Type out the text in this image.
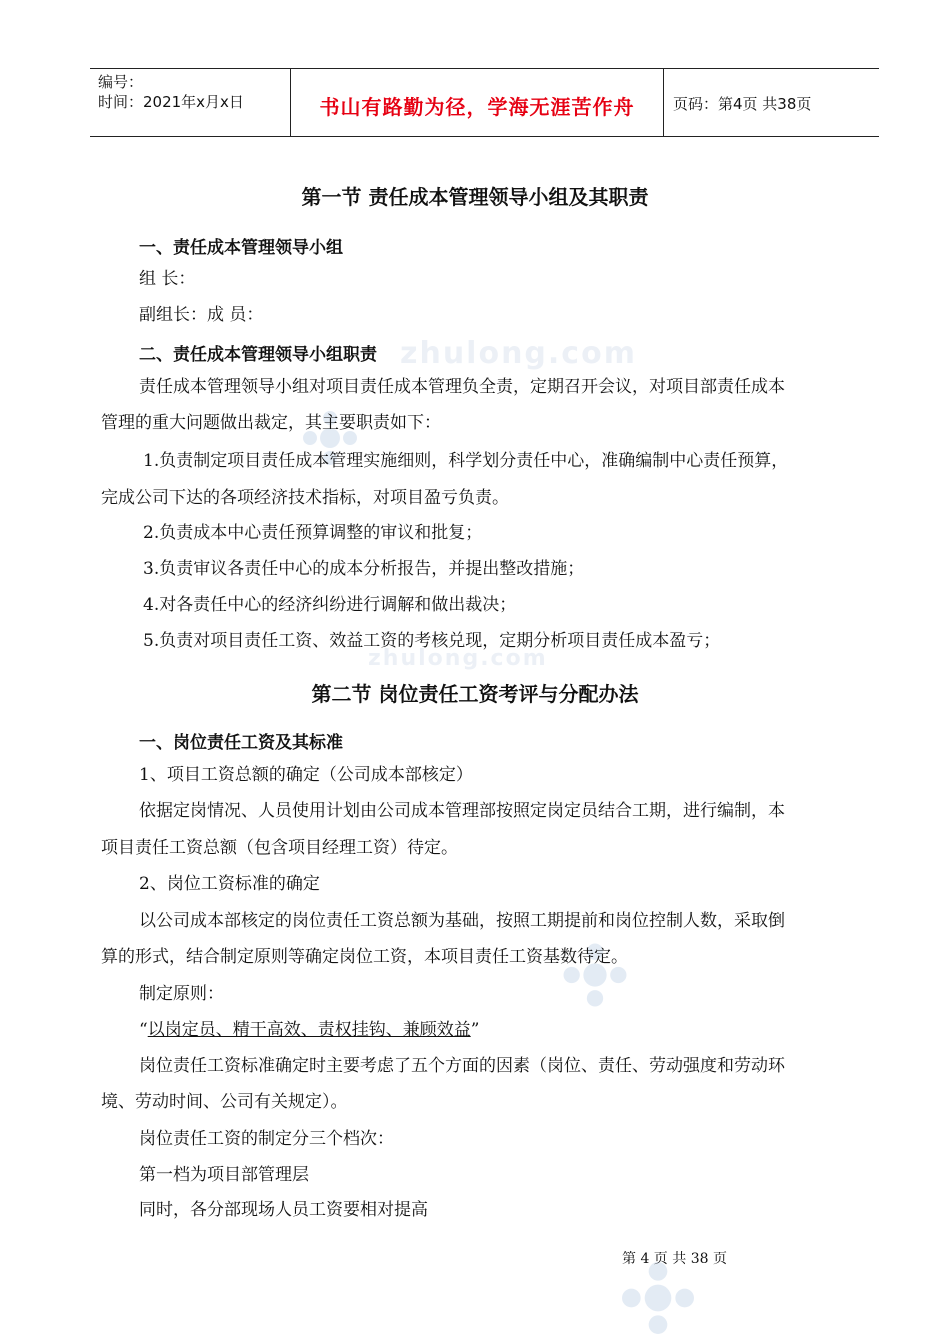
zhulong.com
zhulong.com
编号：
时间：2021年x月x日	书山有路勤为径，学海无涯苦作舟	页码：第4页 共38页
第一节 责任成本管理领导小组及其职责
一、责任成本管理领导小组
组 长：
副组长：成 员：
二、责任成本管理领导小组职责
责任成本管理领导小组对项目责任成本管理负全责，定期召开会议，对项目部责任成本
管理的重大问题做出裁定，其主要职责如下：
1.负责制定项目责任成本管理实施细则，科学划分责任中心，准确编制中心责任预算，
完成公司下达的各项经济技术指标，对项目盈亏负责。
2.负责成本中心责任预算调整的审议和批复；
3.负责审议各责任中心的成本分析报告，并提出整改措施；
4.对各责任中心的经济纠纷进行调解和做出裁决；
5.负责对项目责任工资、效益工资的考核兑现，定期分析项目责任成本盈亏；
第二节 岗位责任工资考评与分配办法
一、岗位责任工资及其标准
1、项目工资总额的确定（公司成本部核定）
依据定岗情况、人员使用计划由公司成本管理部按照定岗定员结合工期，进行编制，本
项目责任工资总额（包含项目经理工资）待定。
2、岗位工资标准的确定
以公司成本部核定的岗位责任工资总额为基础，按照工期提前和岗位控制人数，采取倒
算的形式，结合制定原则等确定岗位工资，本项目责任工资基数待定。
制定原则：
“以岗定员、精干高效、责权挂钩、兼顾效益”
岗位责任工资标准确定时主要考虑了五个方面的因素（岗位、责任、劳动强度和劳动环
境、劳动时间、公司有关规定）。
岗位责任工资的制定分三个档次：
第一档为项目部管理层
同时，各分部现场人员工资要相对提高
第 4 页 共 38 页
